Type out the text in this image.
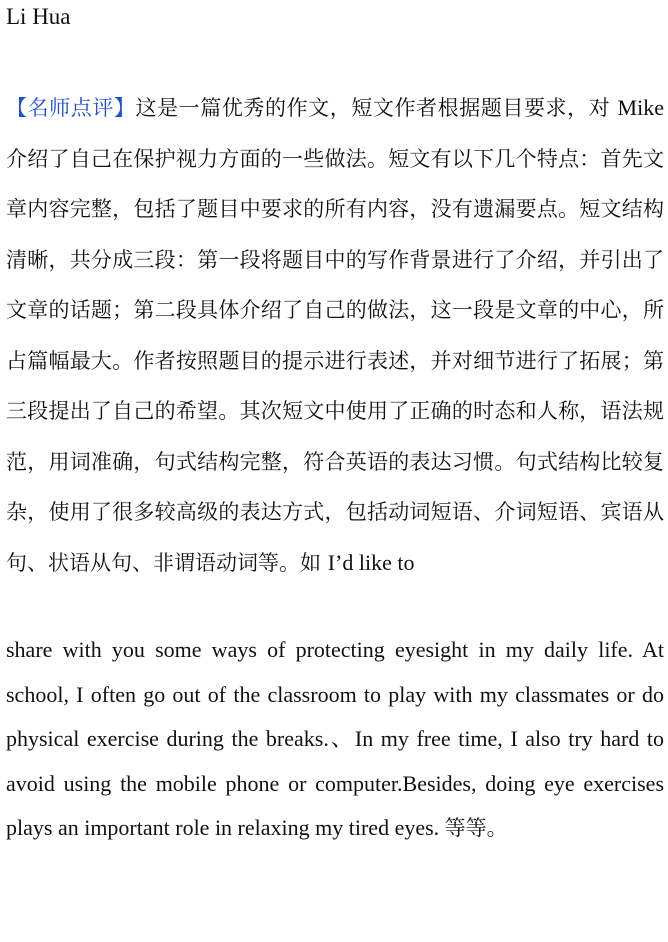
Li Hua

【名师点评】这是一篇优秀的作文，短文作者根据题目要求，对 Mike 介绍了自己在保护视力方面的一些做法。短文有以下几个特点：首先文章内容完整，包括了题目中要求的所有内容，没有遗漏要点。短文结构清晰，共分成三段：第一段将题目中的写作背景进行了介绍，并引出了文章的话题；第二段具体介绍了自己的做法，这一段是文章的中心，所占篇幅最大。作者按照题目的提示进行表述，并对细节进行了拓展；第三段提出了自己的希望。其次短文中使用了正确的时态和人称，语法规范，用词准确，句式结构完整，符合英语的表达习惯。句式结构比较复杂，使用了很多较高级的表达方式，包括动词短语、介词短语、宾语从句、状语从句、非谓语动词等。如 I’d like to

share with you some ways of protecting eyesight in my daily life. At school, I often go out of the classroom to play with my classmates or do physical exercise during the breaks.、In my free time, I also try hard to avoid using the mobile phone or computer.Besides, doing eye exercises plays an important role in relaxing my tired eyes. 等等。
